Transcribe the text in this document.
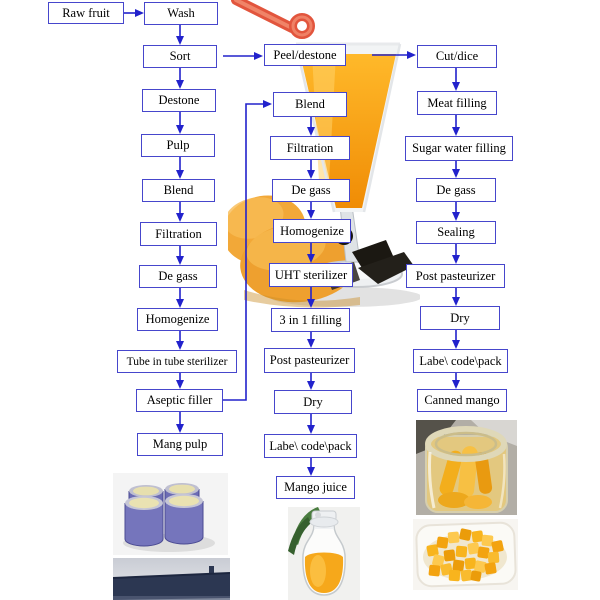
Raw fruit	Wash
Sort
Destone
Pulp
Blend
Filtration
De gass
Homogenize
Tube in tube sterilizer
Aseptic filler
Mang pulp
Peel/destone
Blend
Filtration
De gass
Homogenize
UHT sterilizer
3 in 1 filling
Post pasteurizer
Dry
Labe\ code\pack
Mango juice
Cut/dice
Meat filling
Sugar water filling
De gass
Sealing
Post pasteurizer
Dry
Labe\ code\pack
Canned mango
